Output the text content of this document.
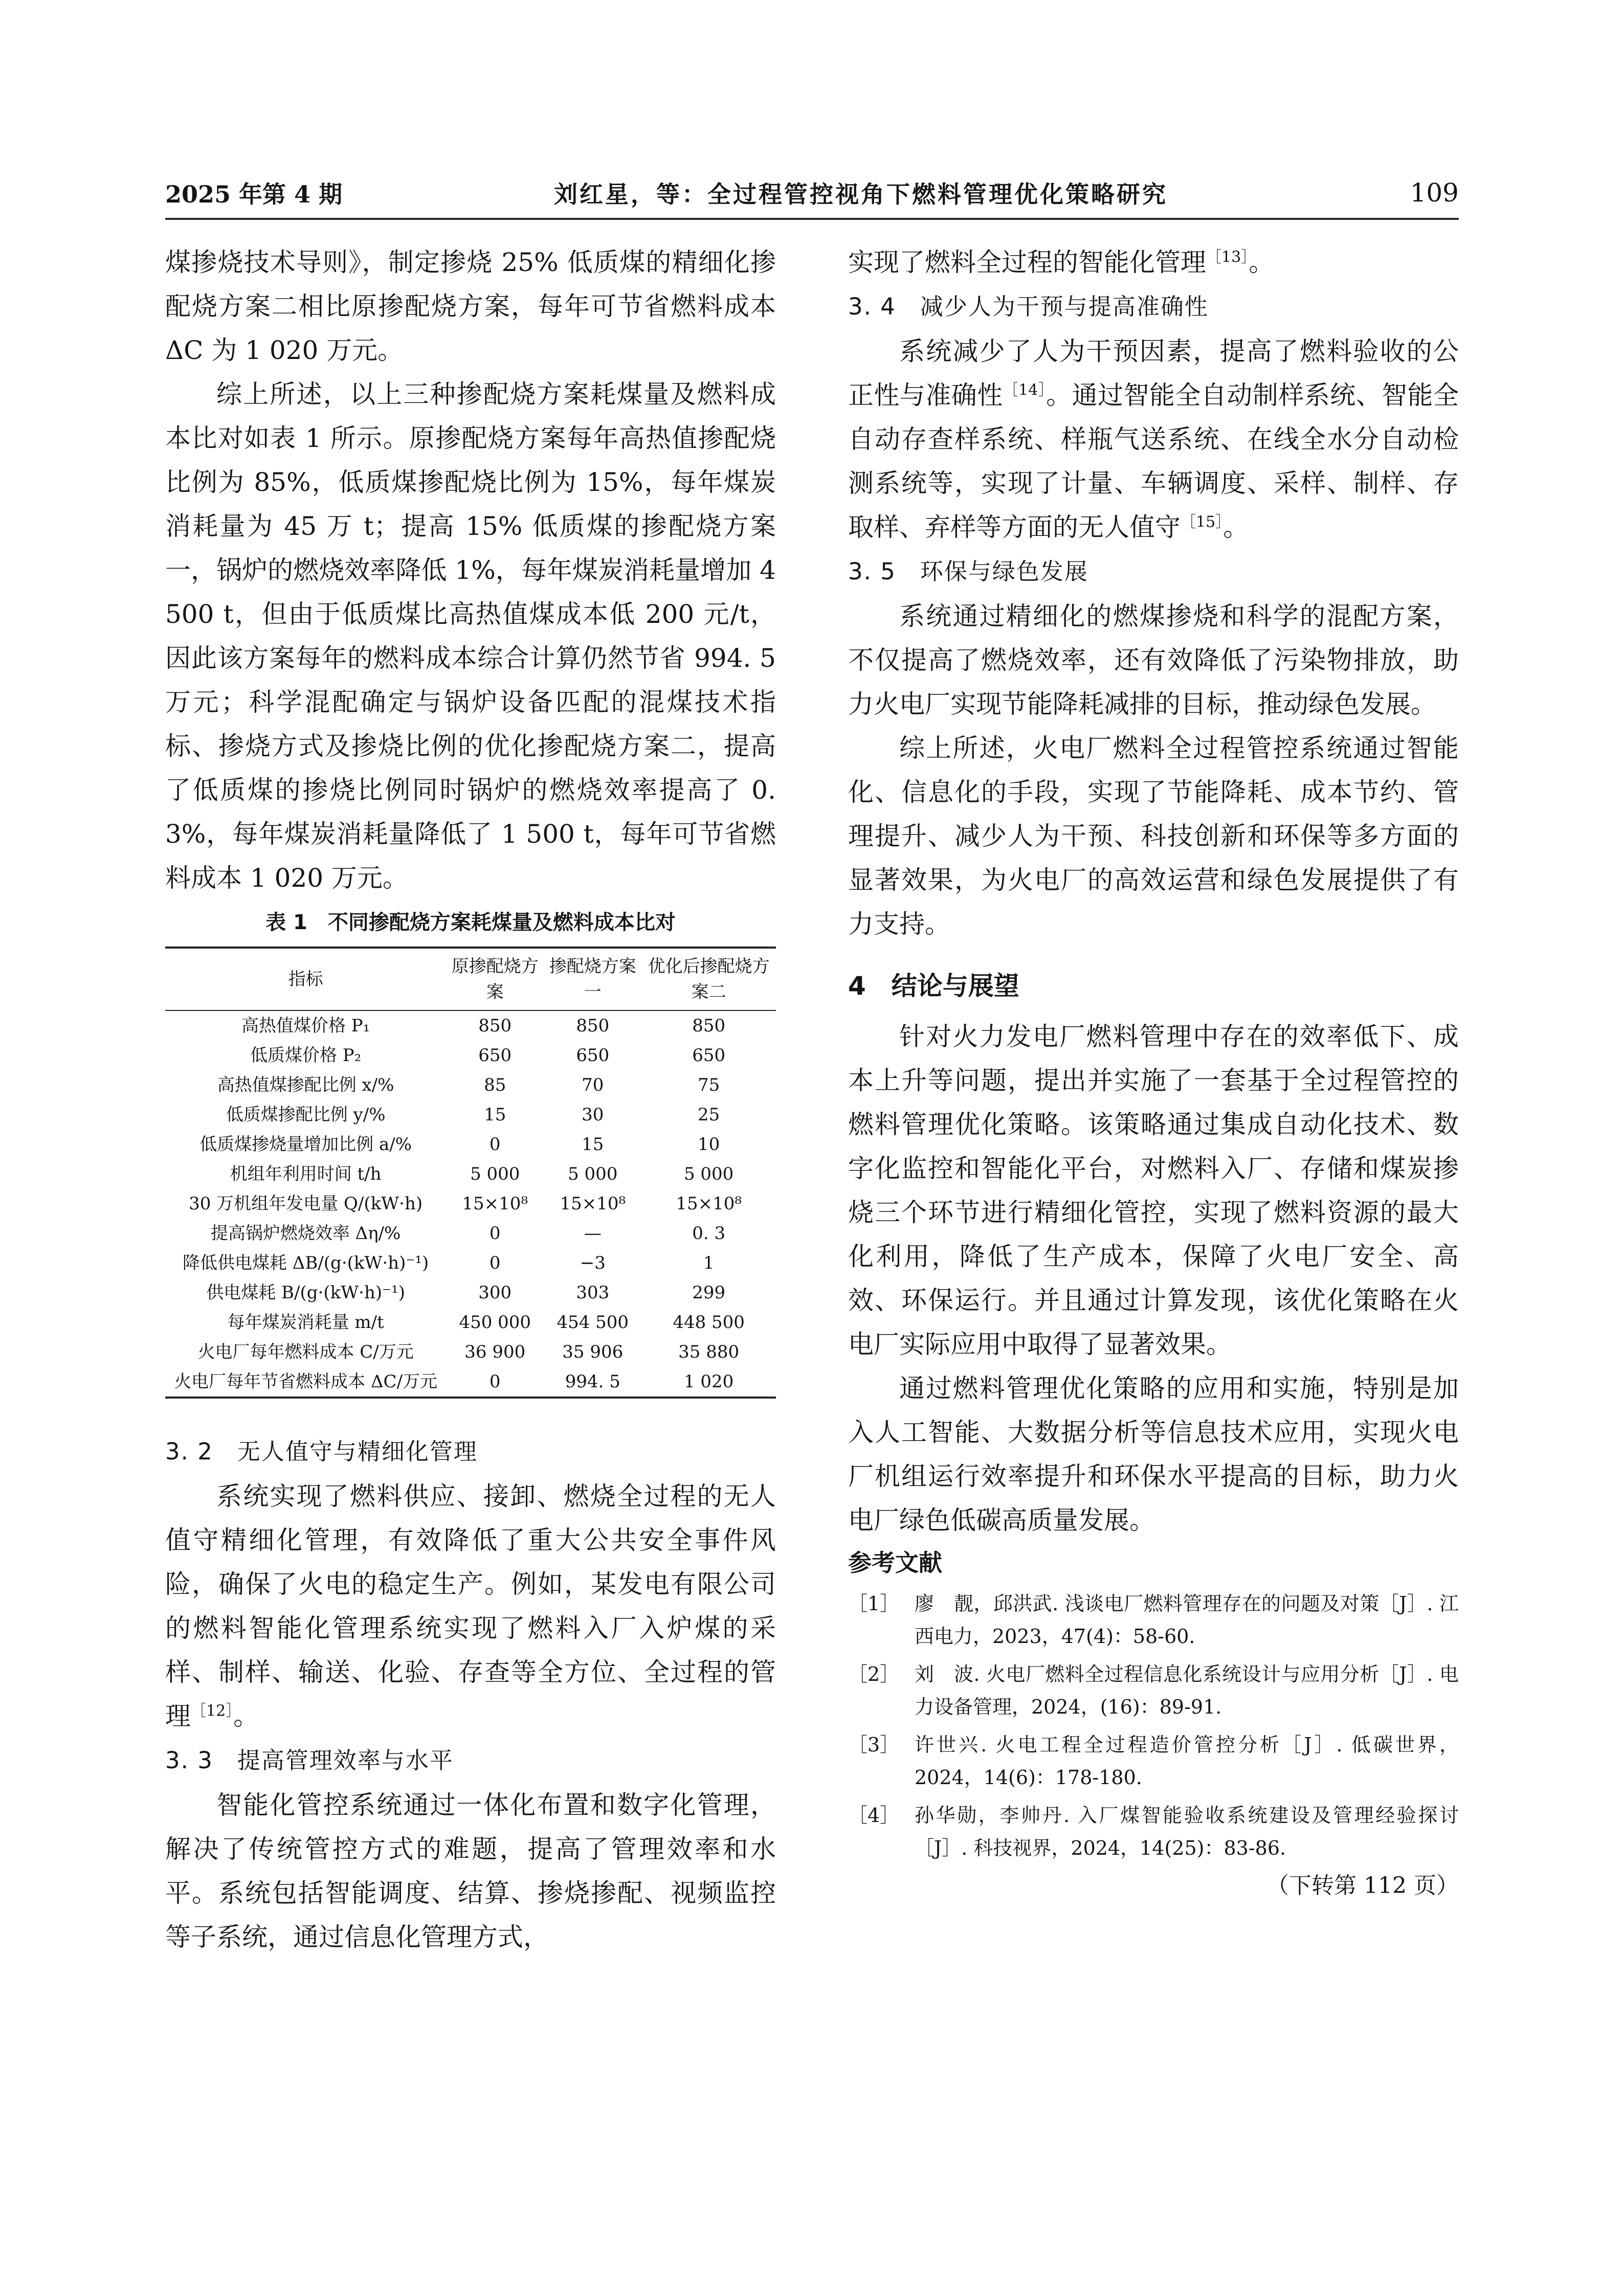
2025 年第 4 期	刘红星，等：全过程管控视角下燃料管理优化策略研究	109

煤掺烧技术导则》，制定掺烧 25% 低质煤的精细化掺配烧方案二相比原掺配烧方案，每年可节省燃料成本 ΔC 为 1 020 万元。

综上所述，以上三种掺配烧方案耗煤量及燃料成本比对如表 1 所示。原掺配烧方案每年高热值掺配烧比例为 85%，低质煤掺配烧比例为 15%，每年煤炭消耗量为 45 万 t；提高 15% 低质煤的掺配烧方案一，锅炉的燃烧效率降低 1%，每年煤炭消耗量增加 4 500 t，但由于低质煤比高热值煤成本低 200 元/t，因此该方案每年的燃料成本综合计算仍然节省 994. 5 万元；科学混配确定与锅炉设备匹配的混煤技术指标、掺烧方式及掺烧比例的优化掺配烧方案二，提高了低质煤的掺烧比例同时锅炉的燃烧效率提高了 0. 3%，每年煤炭消耗量降低了 1 500 t，每年可节省燃料成本 1 020 万元。

表 1　不同掺配烧方案耗煤量及燃料成本比对
指标	原掺配烧方案	掺配烧方案一	优化后掺配烧方案二
高热值煤价格 P₁	850	850	850
低质煤价格 P₂	650	650	650
高热值煤掺配比例 x/%	85	70	75
低质煤掺配比例 y/%	15	30	25
低质煤掺烧量增加比例 a/%	0	15	10
机组年利用时间 t/h	5 000	5 000	5 000
30 万机组年发电量 Q/(kW·h)	15×10⁸	15×10⁸	15×10⁸
提高锅炉燃烧效率 Δη/%	0	—	0. 3
降低供电煤耗 ΔB/(g·(kW·h)⁻¹)	0	−3	1
供电煤耗 B/(g·(kW·h)⁻¹)	300	303	299
每年煤炭消耗量 m/t	450 000	454 500	448 500
火电厂每年燃料成本 C/万元	36 900	35 906	35 880
火电厂每年节省燃料成本 ΔC/万元	0	994. 5	1 020

3. 2　无人值守与精细化管理

系统实现了燃料供应、接卸、燃烧全过程的无人值守精细化管理，有效降低了重大公共安全事件风险，确保了火电的稳定生产。例如，某发电有限公司的燃料智能化管理系统实现了燃料入厂入炉煤的采样、制样、输送、化验、存查等全方位、全过程的管理$^{[12]}$。

3. 3　提高管理效率与水平

智能化管控系统通过一体化布置和数字化管理，解决了传统管控方式的难题，提高了管理效率和水平。系统包括智能调度、结算、掺烧掺配、视频监控等子系统，通过信息化管理方式，

实现了燃料全过程的智能化管理$^{[13]}$。

3. 4　减少人为干预与提高准确性

系统减少了人为干预因素，提高了燃料验收的公正性与准确性$^{[14]}$。通过智能全自动制样系统、智能全自动存查样系统、样瓶气送系统、在线全水分自动检测系统等，实现了计量、车辆调度、采样、制样、存取样、弃样等方面的无人值守$^{[15]}$。

3. 5　环保与绿色发展

系统通过精细化的燃煤掺烧和科学的混配方案，不仅提高了燃烧效率，还有效降低了污染物排放，助力火电厂实现节能降耗减排的目标，推动绿色发展。

综上所述，火电厂燃料全过程管控系统通过智能化、信息化的手段，实现了节能降耗、成本节约、管理提升、减少人为干预、科技创新和环保等多方面的显著效果，为火电厂的高效运营和绿色发展提供了有力支持。

4　结论与展望

针对火力发电厂燃料管理中存在的效率低下、成本上升等问题，提出并实施了一套基于全过程管控的燃料管理优化策略。该策略通过集成自动化技术、数字化监控和智能化平台，对燃料入厂、存储和煤炭掺烧三个环节进行精细化管控，实现了燃料资源的最大化利用，降低了生产成本，保障了火电厂安全、高效、环保运行。并且通过计算发现，该优化策略在火电厂实际应用中取得了显著效果。

通过燃料管理优化策略的应用和实施，特别是加入人工智能、大数据分析等信息技术应用，实现火电厂机组运行效率提升和环保水平提高的目标，助力火电厂绿色低碳高质量发展。

参考文献

［1］ 廖　靓，邱洪武. 浅谈电厂燃料管理存在的问题及对策［J］. 江西电力，2023，47(4)：58-60.
［2］ 刘　波. 火电厂燃料全过程信息化系统设计与应用分析［J］. 电力设备管理，2024，(16)：89-91.
［3］ 许世兴. 火电工程全过程造价管控分析［J］. 低碳世界，2024，14(6)：178-180.
［4］ 孙华勋，李帅丹. 入厂煤智能验收系统建设及管理经验探讨［J］. 科技视界，2024，14(25)：83-86.

（下转第 112 页）
